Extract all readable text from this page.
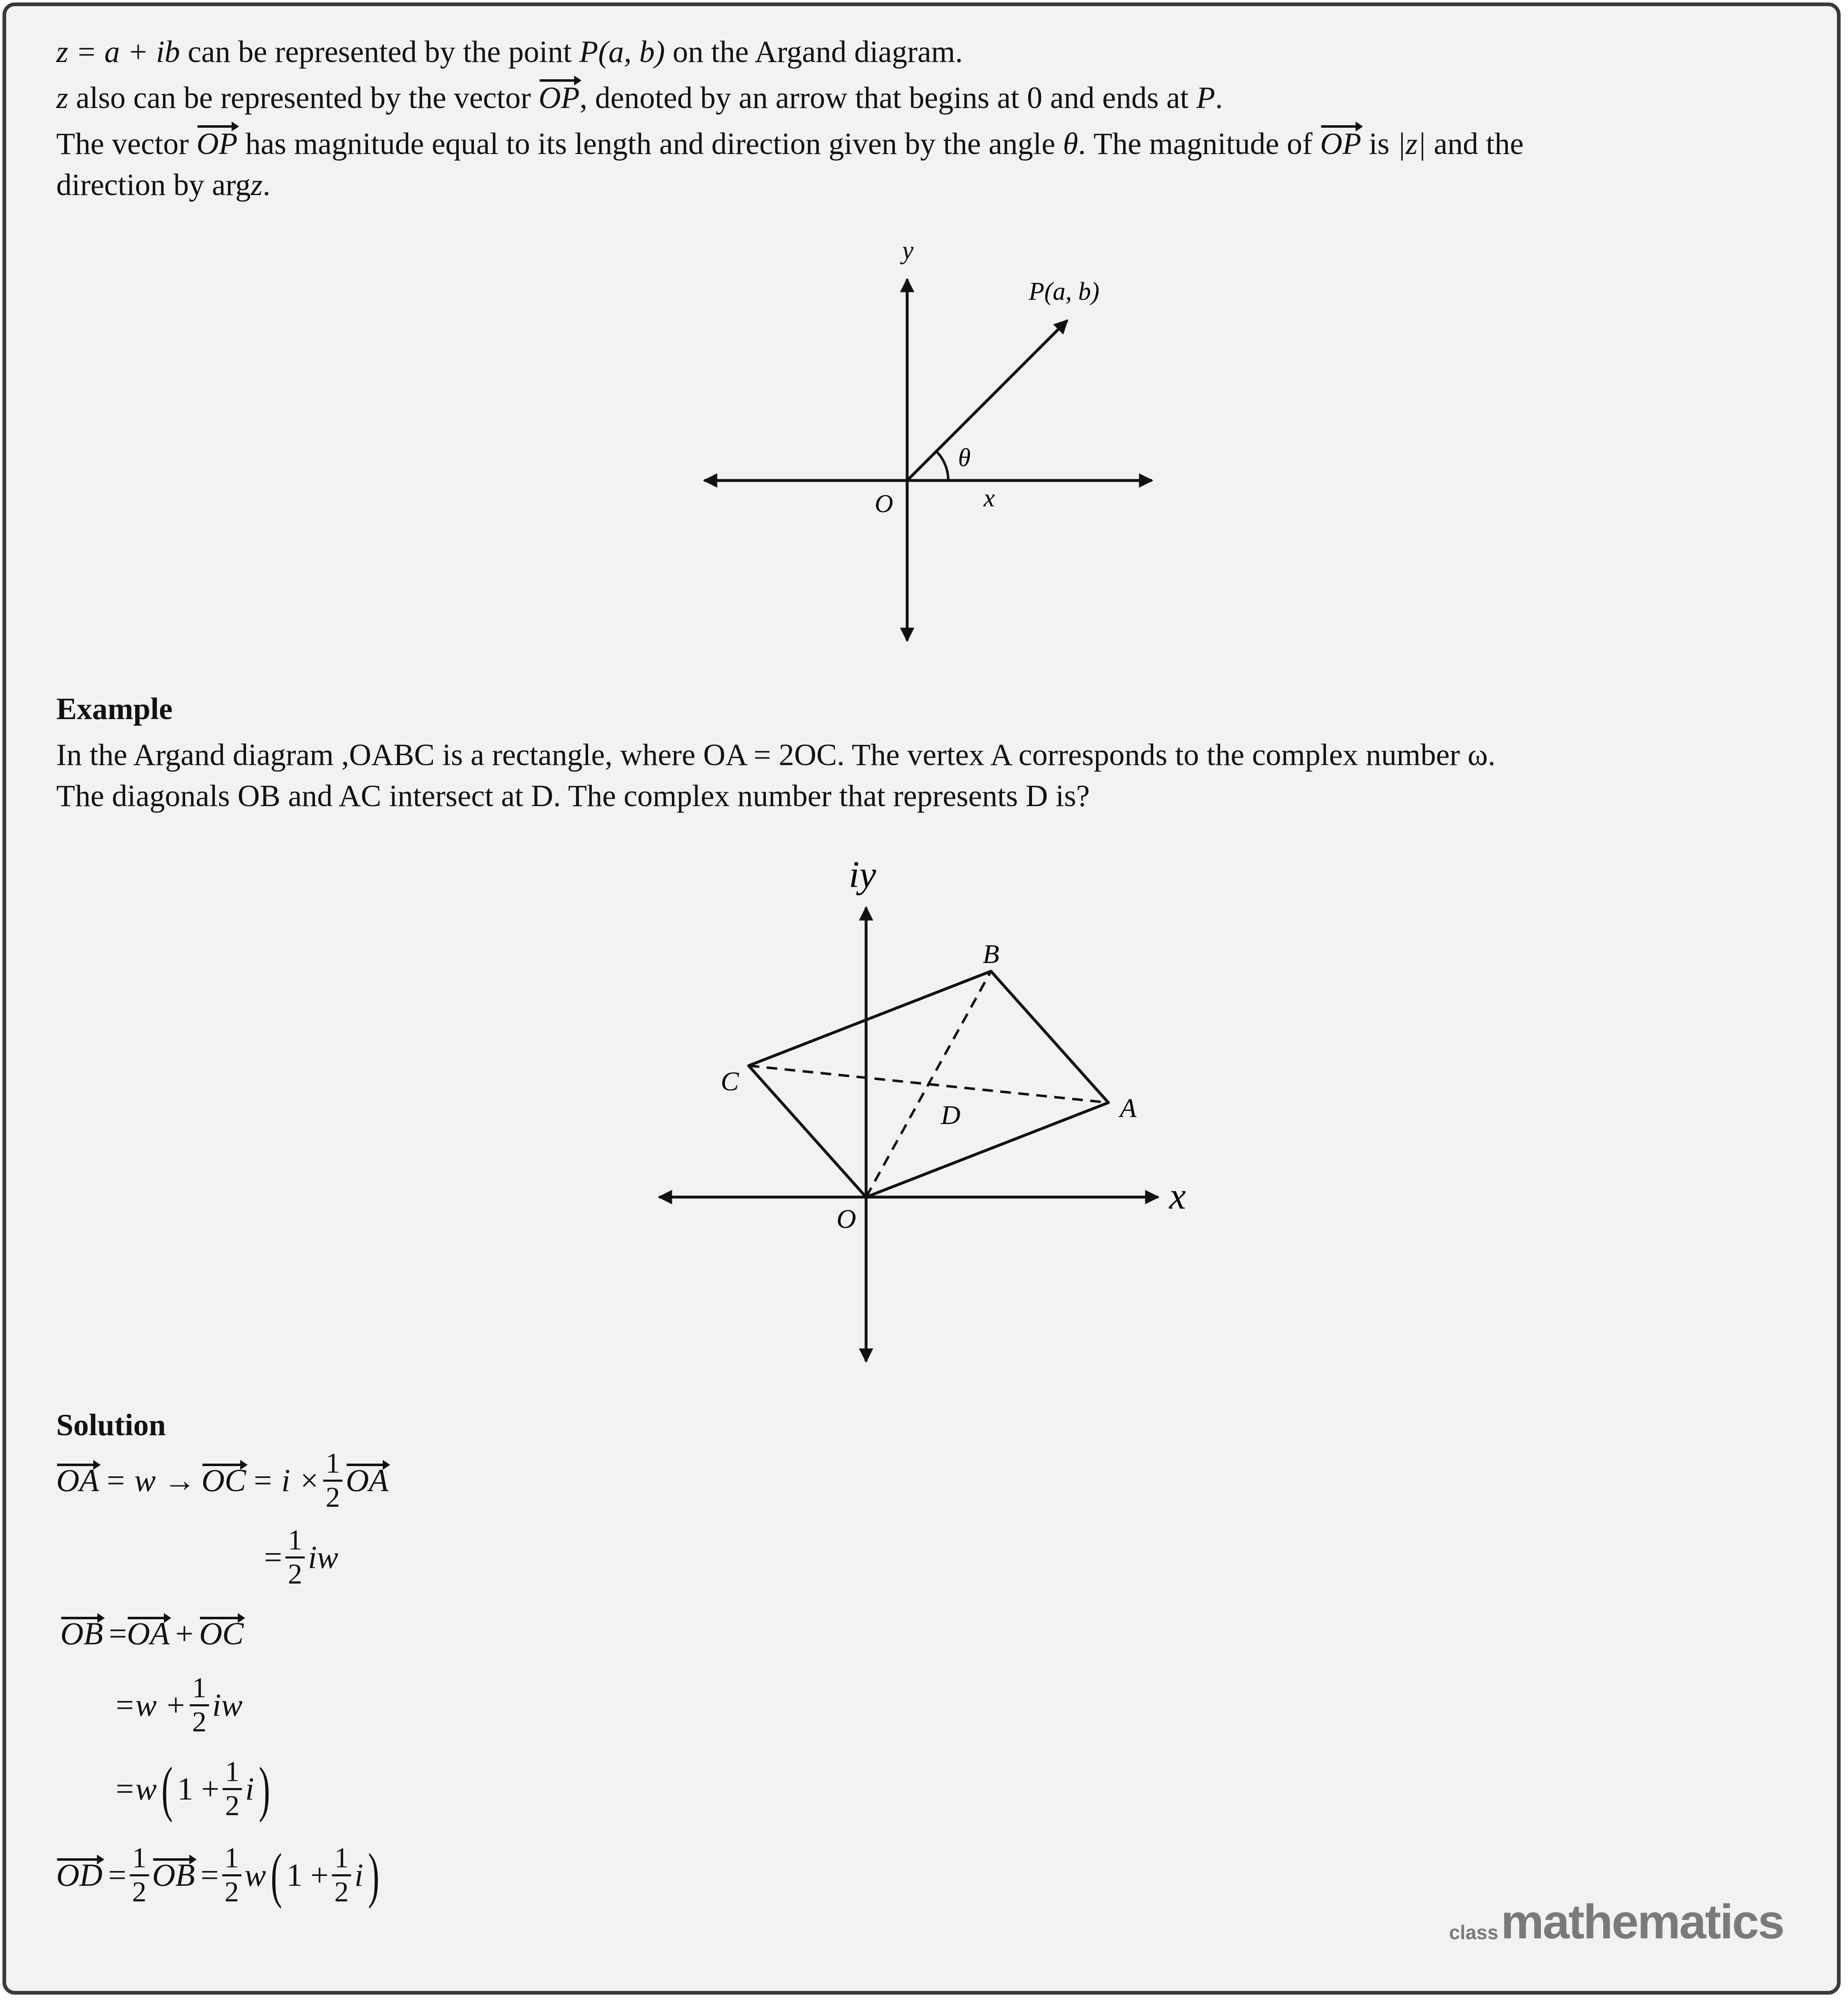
z = a + ib can be represented by the point P(a, b) on the Argand diagram.
z also can be represented by the vector OP, denoted by an arrow that begins at 0 and ends at P.
The vector OP has magnitude equal to its length and direction given by the angle θ. The magnitude of OP is |z| and the
direction by argz.
y
x
O
P(a, b)
θ
iy
x
O
A
B
C
D
Example
In the Argand diagram ,OABC is a rectangle, where OA = 2OC. The vertex A corresponds to the complex number ω.
The diagonals OB and AC intersect at D. The complex number that represents D is?
Solution
OA = w → OC = $i \times \frac{1}{2}$ OA
= $\frac{1}{2}$ iw
OB = OA + OC
$=w + \frac{1}{2}$ iw
=w ( $1 + \frac{1}{2}$ i )
OD = $\frac{1}{2}$ OB = $\frac{1}{2}$ w ( $1 + \frac{1}{2}$ i )
class mathematics
